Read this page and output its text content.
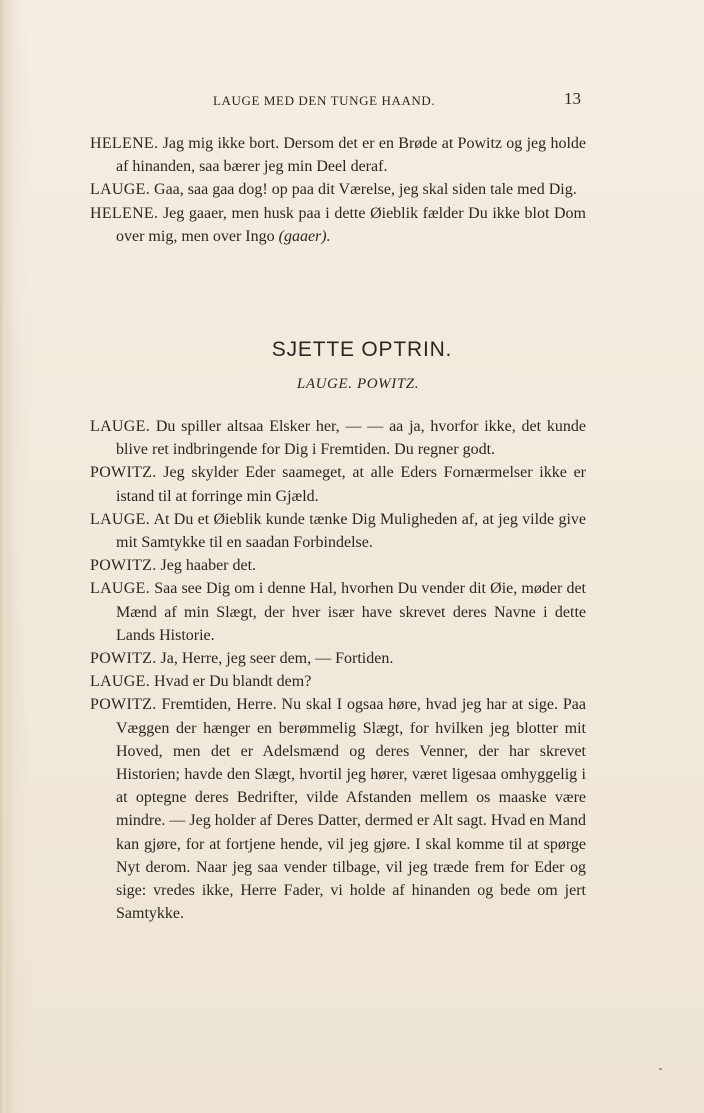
LAUGE MED DEN TUNGE HAAND.	13

HELENE. Jag mig ikke bort. Dersom det er en Brøde at Powitz og jeg holde af hinanden, saa bærer jeg min Deel deraf.

LAUGE. Gaa, saa gaa dog! op paa dit Værelse, jeg skal siden tale med Dig.

HELENE. Jeg gaaer, men husk paa i dette Øieblik fælder Du ikke blot Dom over mig, men over Ingo (gaaer).

SJETTE OPTRIN.
LAUGE. POWITZ.

LAUGE. Du spiller altsaa Elsker her, — — aa ja, hvorfor ikke, det kunde blive ret indbringende for Dig i Fremtiden. Du regner godt.

POWITZ. Jeg skylder Eder saameget, at alle Eders Fornærmelser ikke er istand til at forringe min Gjæld.

LAUGE. At Du et Øieblik kunde tænke Dig Muligheden af, at jeg vilde give mit Samtykke til en saadan Forbindelse.

POWITZ. Jeg haaber det.

LAUGE. Saa see Dig om i denne Hal, hvorhen Du vender dit Øie, møder det Mænd af min Slægt, der hver især have skrevet deres Navne i dette Lands Historie.

POWITZ. Ja, Herre, jeg seer dem, — Fortiden.

LAUGE. Hvad er Du blandt dem?

POWITZ. Fremtiden, Herre. Nu skal I ogsaa høre, hvad jeg har at sige. Paa Væggen der hænger en berømmelig Slægt, for hvilken jeg blotter mit Hoved, men det er Adelsmænd og deres Venner, der har skrevet Historien; havde den Slægt, hvortil jeg hører, været ligesaa omhyggelig i at optegne deres Bedrifter, vilde Afstanden mellem os maaske være mindre. — Jeg holder af Deres Datter, dermed er Alt sagt. Hvad en Mand kan gjøre, for at fortjene hende, vil jeg gjøre. I skal komme til at spørge Nyt derom. Naar jeg saa vender tilbage, vil jeg træde frem for Eder og sige: vredes ikke, Herre Fader, vi holde af hinanden og bede om jert Samtykke.
